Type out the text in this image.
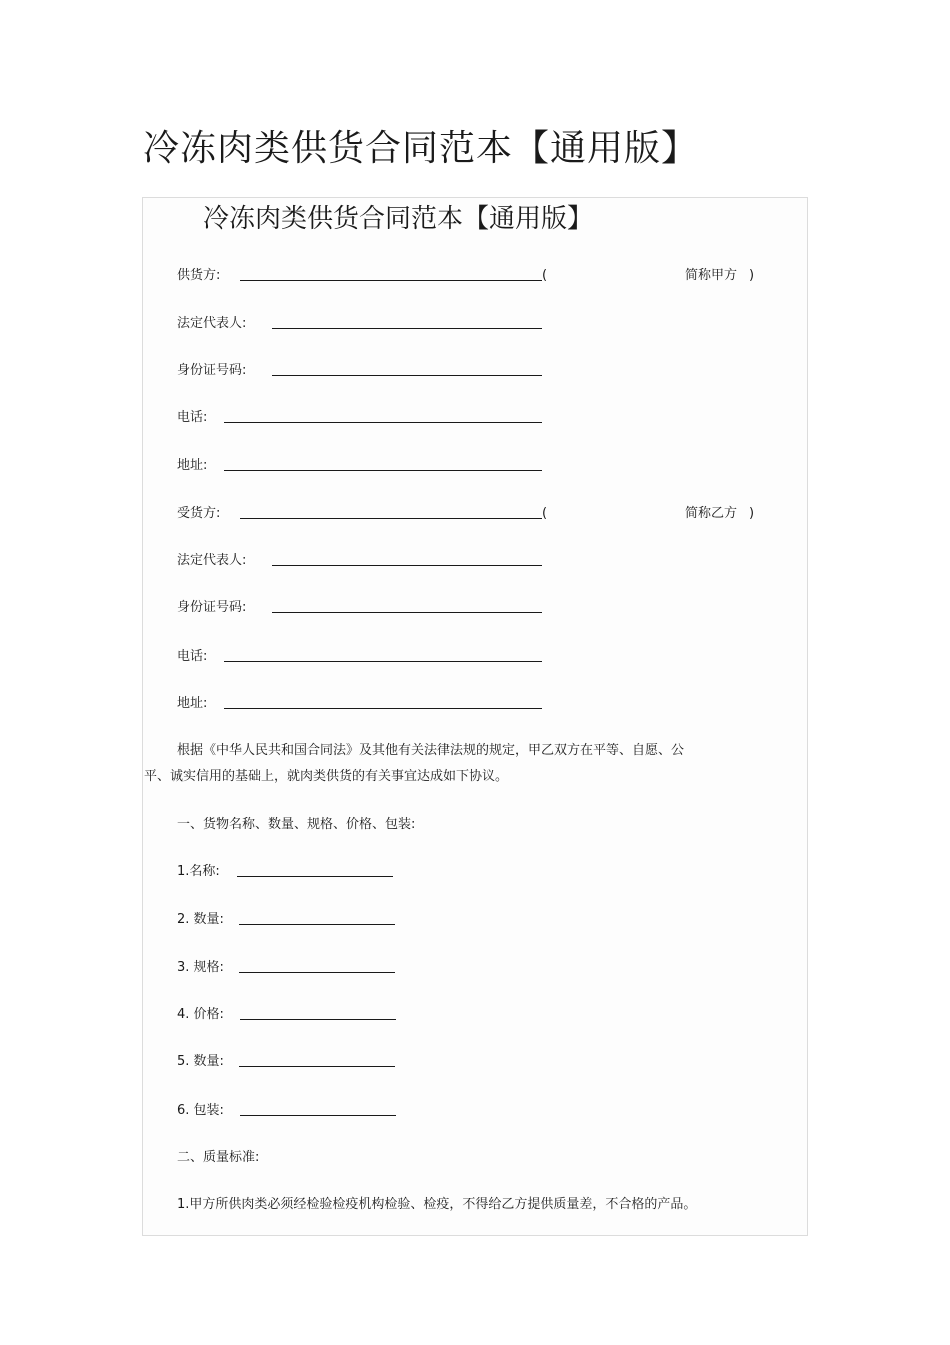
冷冻肉类供货合同范本【通用版】
冷冻肉类供货合同范本【通用版】
供货方:	(	简称甲方 )
法定代表人:
身份证号码:
电话:
地址:
受货方:	(	简称乙方 )
法定代表人:
身份证号码:
电话:
地址:
根据《中华人民共和国合同法》及其他有关法律法规的规定，甲乙双方在平等、自愿、公
平、诚实信用的基础上，就肉类供货的有关事宜达成如下协议。
一、货物名称、数量、规格、价格、包装:
1.名称:
2. 数量:
3. 规格:
4. 价格:
5. 数量:
6. 包装:
二、质量标准:
1.甲方所供肉类必须经检验检疫机构检验、检疫，不得给乙方提供质量差，不合格的产品。
